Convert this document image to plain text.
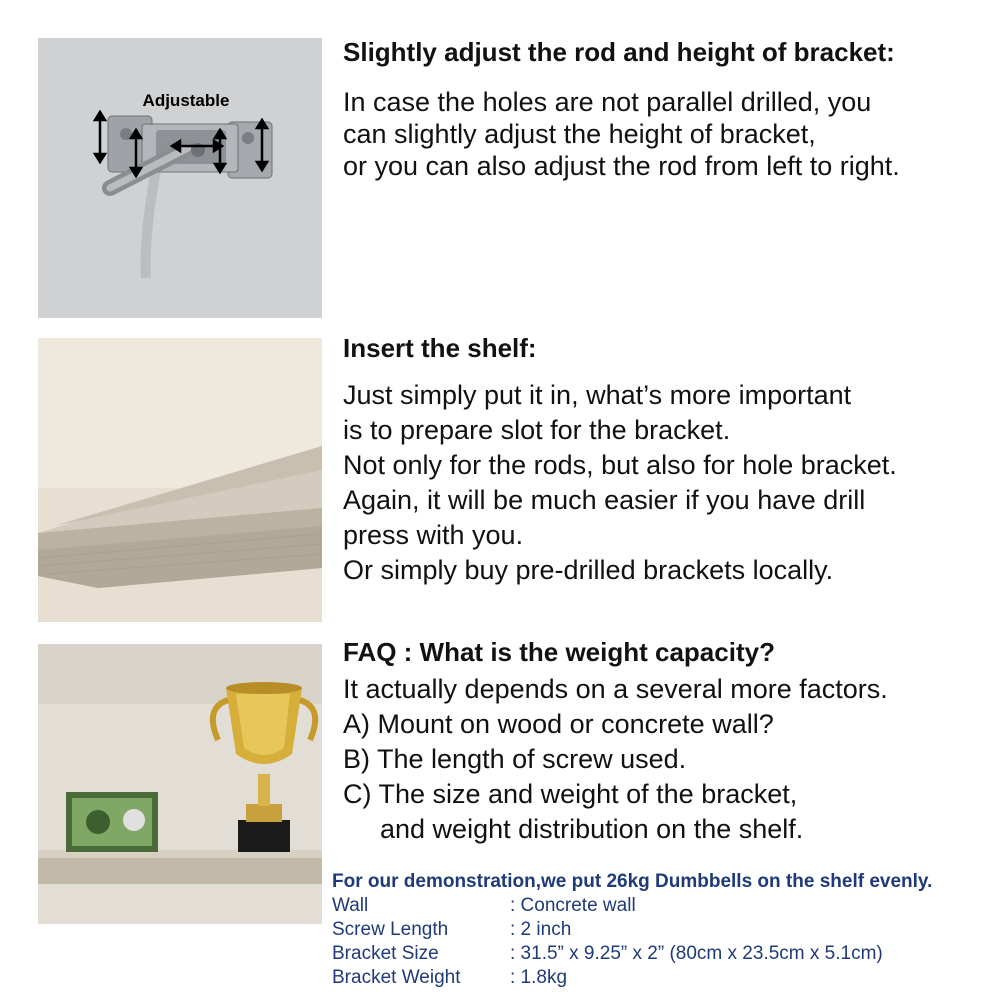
Adjustable

Slightly adjust the rod and height of bracket:

In case the holes are not parallel drilled, you

can slightly adjust the height of bracket,

or you can also adjust the rod from left to right.

Insert the shelf:

Just simply put it in, what’s more important

is to prepare slot for the bracket.

Not only for the rods, but also for hole bracket.

Again, it will be much easier if you have drill

press with you.

Or simply buy pre-drilled brackets locally.

FAQ : What is the weight capacity?

It actually depends on a several more factors.

A) Mount on wood or concrete wall?

B) The length of screw used.

C) The size and weight of the bracket,

and weight distribution on the shelf.

For our demonstration,we put 26kg Dumbbells on the shelf evenly.
Wall	: Concrete wall
Screw Length	: 2 inch
Bracket Size	: 31.5” x 9.25” x 2” (80cm x 23.5cm x 5.1cm)
Bracket Weight	: 1.8kg
